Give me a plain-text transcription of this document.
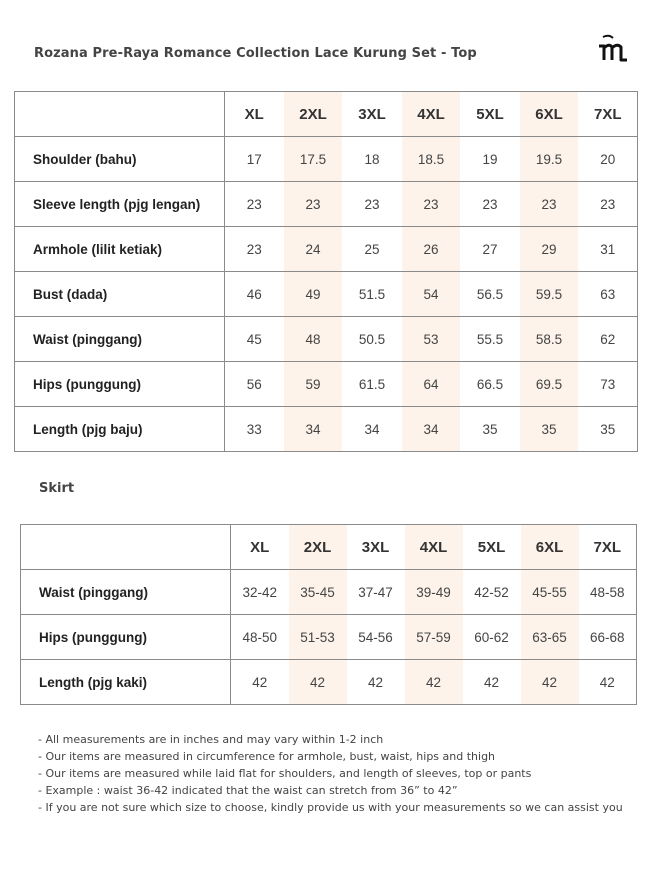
Rozana Pre-Raya Romance Collection Lace Kurung Set - Top
	XL	2XL	3XL	4XL	5XL	6XL	7XL
Shoulder (bahu)	17	17.5	18	18.5	19	19.5	20
Sleeve length (pjg lengan)	23	23	23	23	23	23	23
Armhole (lilit ketiak)	23	24	25	26	27	29	31
Bust (dada)	46	49	51.5	54	56.5	59.5	63
Waist (pinggang)	45	48	50.5	53	55.5	58.5	62
Hips (punggung)	56	59	61.5	64	66.5	69.5	73
Length (pjg baju)	33	34	34	34	35	35	35
Skirt
	XL	2XL	3XL	4XL	5XL	6XL	7XL
Waist (pinggang)	32-42	35-45	37-47	39-49	42-52	45-55	48-58
Hips (punggung)	48-50	51-53	54-56	57-59	60-62	63-65	66-68
Length (pjg kaki)	42	42	42	42	42	42	42
- All measurements are in inches and may vary within 1-2 inch
- Our items are measured in circumference for armhole, bust, waist, hips and thigh
- Our items are measured while laid flat for shoulders, and length of sleeves, top or pants
- Example : waist 36-42 indicated that the waist can stretch from 36” to 42”
- If you are not sure which size to choose, kindly provide us with your measurements so we can assist you
